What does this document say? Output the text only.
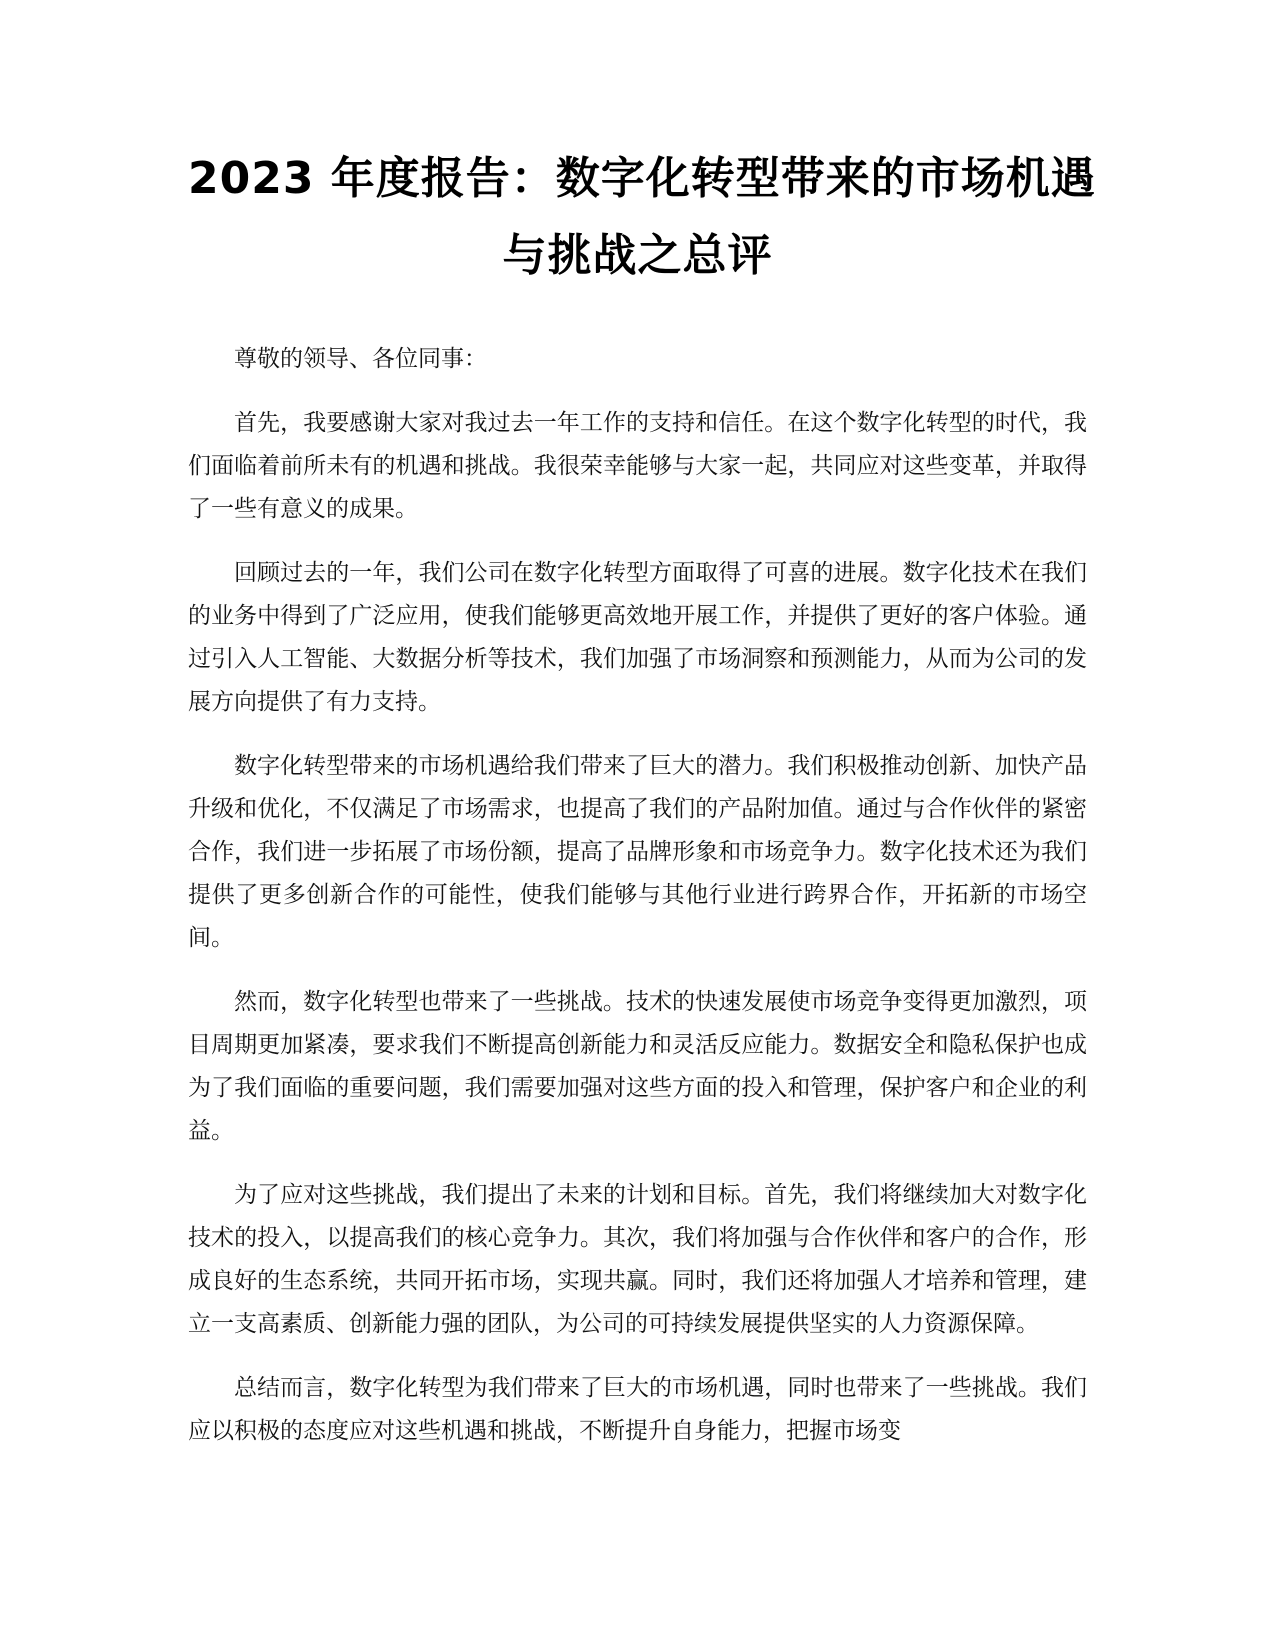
2023 年度报告：数字化转型带来的市场机遇
与挑战之总评

尊敬的领导、各位同事：

首先，我要感谢大家对我过去一年工作的支持和信任。在这个数字化转型的时代，我们面临着前所未有的机遇和挑战。我很荣幸能够与大家一起，共同应对这些变革，并取得了一些有意义的成果。

回顾过去的一年，我们公司在数字化转型方面取得了可喜的进展。数字化技术在我们的业务中得到了广泛应用，使我们能够更高效地开展工作，并提供了更好的客户体验。通过引入人工智能、大数据分析等技术，我们加强了市场洞察和预测能力，从而为公司的发展方向提供了有力支持。

数字化转型带来的市场机遇给我们带来了巨大的潜力。我们积极推动创新、加快产品升级和优化，不仅满足了市场需求，也提高了我们的产品附加值。通过与合作伙伴的紧密合作，我们进一步拓展了市场份额，提高了品牌形象和市场竞争力。数字化技术还为我们提供了更多创新合作的可能性，使我们能够与其他行业进行跨界合作，开拓新的市场空间。

然而，数字化转型也带来了一些挑战。技术的快速发展使市场竞争变得更加激烈，项目周期更加紧凑，要求我们不断提高创新能力和灵活反应能力。数据安全和隐私保护也成为了我们面临的重要问题，我们需要加强对这些方面的投入和管理，保护客户和企业的利益。

为了应对这些挑战，我们提出了未来的计划和目标。首先，我们将继续加大对数字化技术的投入，以提高我们的核心竞争力。其次，我们将加强与合作伙伴和客户的合作，形成良好的生态系统，共同开拓市场，实现共赢。同时，我们还将加强人才培养和管理，建立一支高素质、创新能力强的团队，为公司的可持续发展提供坚实的人力资源保障。

总结而言，数字化转型为我们带来了巨大的市场机遇，同时也带来了一些挑战。我们应以积极的态度应对这些机遇和挑战，不断提升自身能力，把握市场变
